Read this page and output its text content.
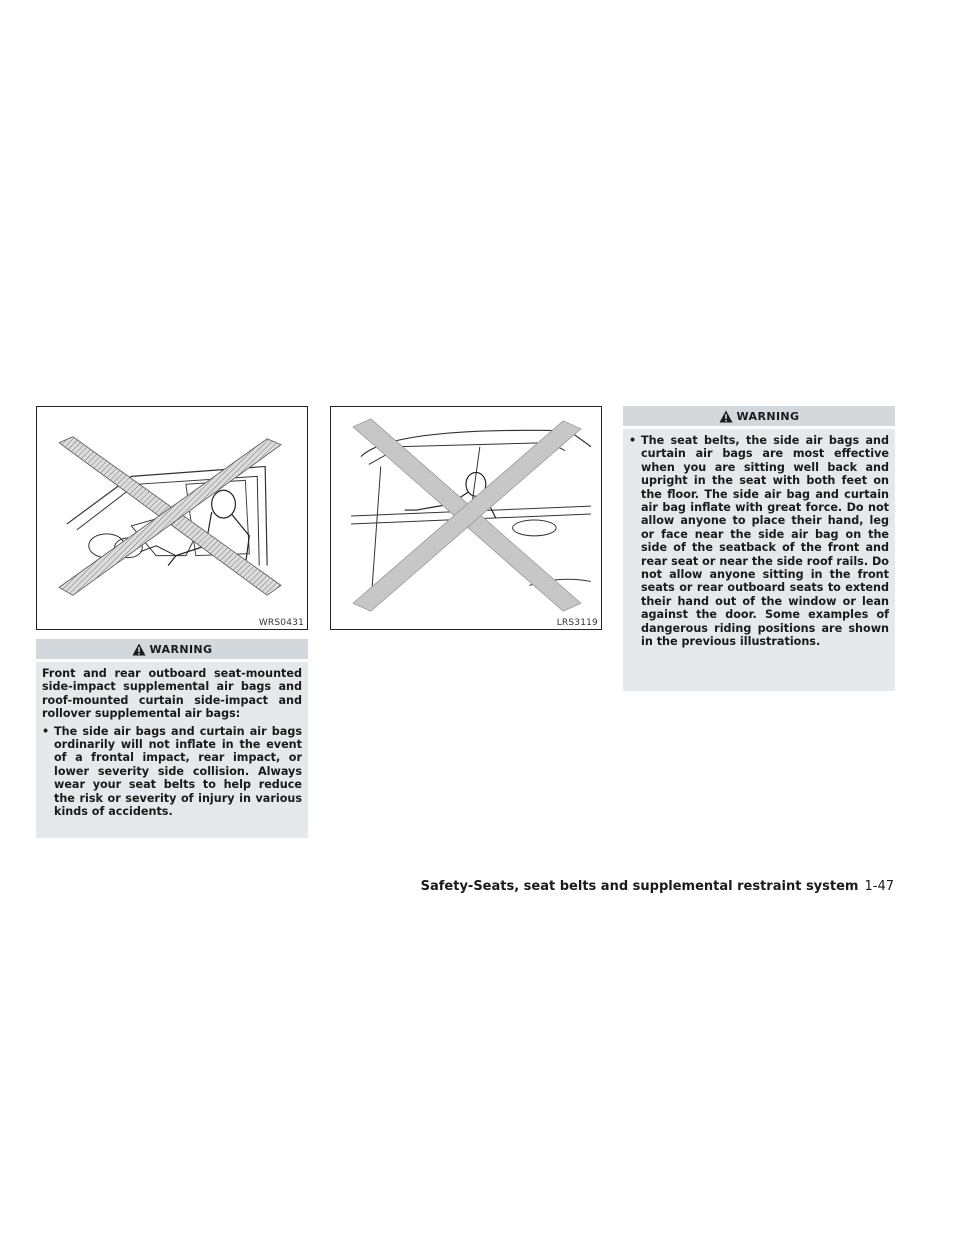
WRS0431	LRS3119
WARNING

Front and rear outboard seat-mounted side-impact supplemental air bags and roof-mounted curtain side-impact and rollover supplemental air bags:

• The side air bags and curtain air bags ordinarily will not inflate in the event of a frontal impact, rear impact, or lower severity side collision. Always wear your seat belts to help reduce the risk or severity of injury in various kinds of accidents.
WARNING
• The seat belts, the side air bags and curtain air bags are most effective when you are sitting well back and upright in the seat with both feet on the floor. The side air bag and curtain air bag inflate with great force. Do not allow anyone to place their hand, leg or face near the side air bag on the side of the seatback of the front and rear seat or near the side roof rails. Do not allow anyone sitting in the front seats or rear outboard seats to extend their hand out of the window or lean against the door. Some examples of dangerous riding positions are shown in the previous illustrations.
Safety-Seats, seat belts and supplemental restraint system 1-47
